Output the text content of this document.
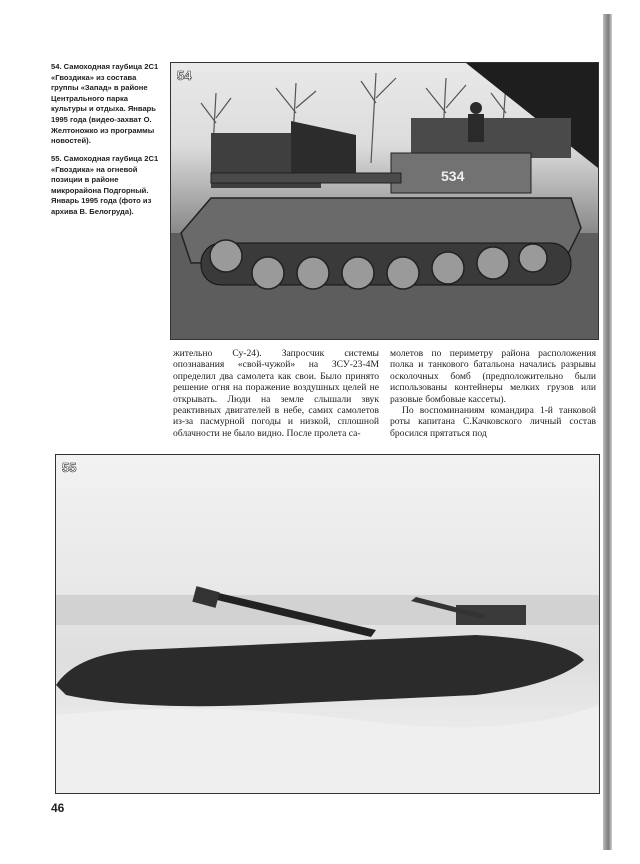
54. Самоходная гаубица 2С1 «Гвоздика» из состава группы «Запад» в районе Центрального парка культуры и отдыха. Январь 1995 года (видео-захват О. Желтоножко из программы новостей).
55. Самоходная гаубица 2С1 «Гвоздика» на огневой позиции в районе микрорайона Подгорный. Январь 1995 года (фото из архива В. Белогруда).
534
54

жительно Су-24). Запросчик системы опознавания «свой-чужой» на ЗСУ-23-4М определил два самолета как свои. Было принято решение огня на поражение воздушных целей не открывать. Люди на земле слышали звук реактивных двигателей в небе, самих самолетов из-за пасмурной погоды и низкой, сплошной облачности не было видно. После пролета са-

молетов по периметру района расположения полка и танкового батальона начались разрывы осколочных бомб (предположительно были использованы контейнеры мелких грузов или разовые бомбовые кассеты).

По воспоминаниям командира 1-й танковой роты капитана С.Качковского личный состав бросился прятаться под

55
46
